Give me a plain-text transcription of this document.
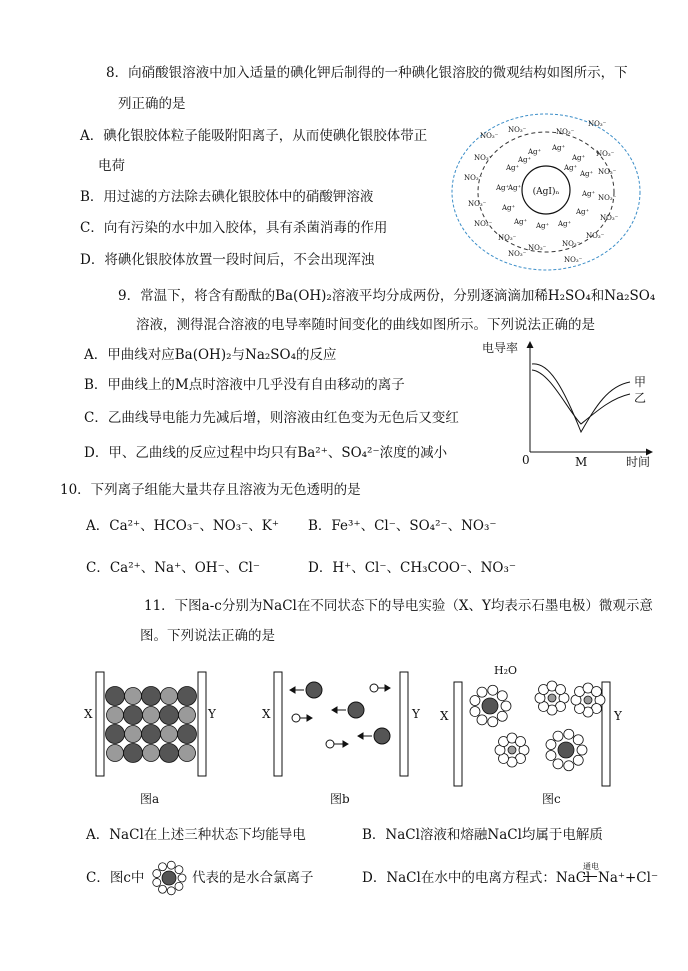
8．向硝酸银溶液中加入适量的碘化钾后制得的一种碘化银溶胶的微观结构如图所示，下
列正确的是
A．碘化银胶体粒子能吸附阳离子，从而使碘化银胶体带正
电荷
B．用过滤的方法除去碘化银胶体中的硝酸钾溶液
C．向有污染的水中加入胶体，具有杀菌消毒的作用
D．将碘化银胶体放置一段时间后，不会出现浑浊
(AgI)ₙ
Ag⁺ Ag⁺
Ag⁺
Ag⁺
Ag⁺
Ag⁺
Ag⁺
Ag⁺	Ag⁺
Ag⁺ Ag⁺ Ag⁺
Ag⁺
Ag⁺
Ag⁺
NO₃⁻
NO₃⁻
NO₃⁻	NO₃⁻
NO₃⁻	NO₃⁻
NO₃⁻
NO₃⁻
NO₃⁻
NO₃⁻
NO₃⁻
NO₃⁻
NO₃⁻
NO₃⁻ NO₃⁻
NO₃⁻
NO₃⁻
NO₃⁻
9．常温下，将含有酚酞的Ba(OH)₂溶液平均分成两份，分别逐滴滴加稀H₂SO₄和Na₂SO₄
溶液，测得混合溶液的电导率随时间变化的曲线如图所示。下列说法正确的是
A．甲曲线对应Ba(OH)₂与Na₂SO₄的反应
B．甲曲线上的M点时溶液中几乎没有自由移动的离子
C．乙曲线导电能力先减后增，则溶液由红色变为无色后又变红
D．甲、乙曲线的反应过程中均只有Ba²⁺、SO₄²⁻浓度的减小
电导率
时间
0	M
甲
乙
10．下列离子组能大量共存且溶液为无色透明的是
A．Ca²⁺、HCO₃⁻、NO₃⁻、K⁺ B．Fe³⁺、Cl⁻、SO₄²⁻、NO₃⁻
C．Ca²⁺、Na⁺、OH⁻、Cl⁻	D．H⁺、Cl⁻、CH₃COO⁻、NO₃⁻
11．下图a-c分别为NaCl在不同状态下的导电实验（X、Y均表示石墨电极）微观示意
图。下列说法正确的是
X	Y
图a
X	Y
图b
X	Y
H₂O
图c
A．NaCl在上述三种状态下均能导电	B．NaCl溶液和熔融NaCl均属于电解质
C．图c中	代表的是水合氯离子	D．NaCl在水中的电离方程式：NaCl
通电
Na⁺+Cl⁻
